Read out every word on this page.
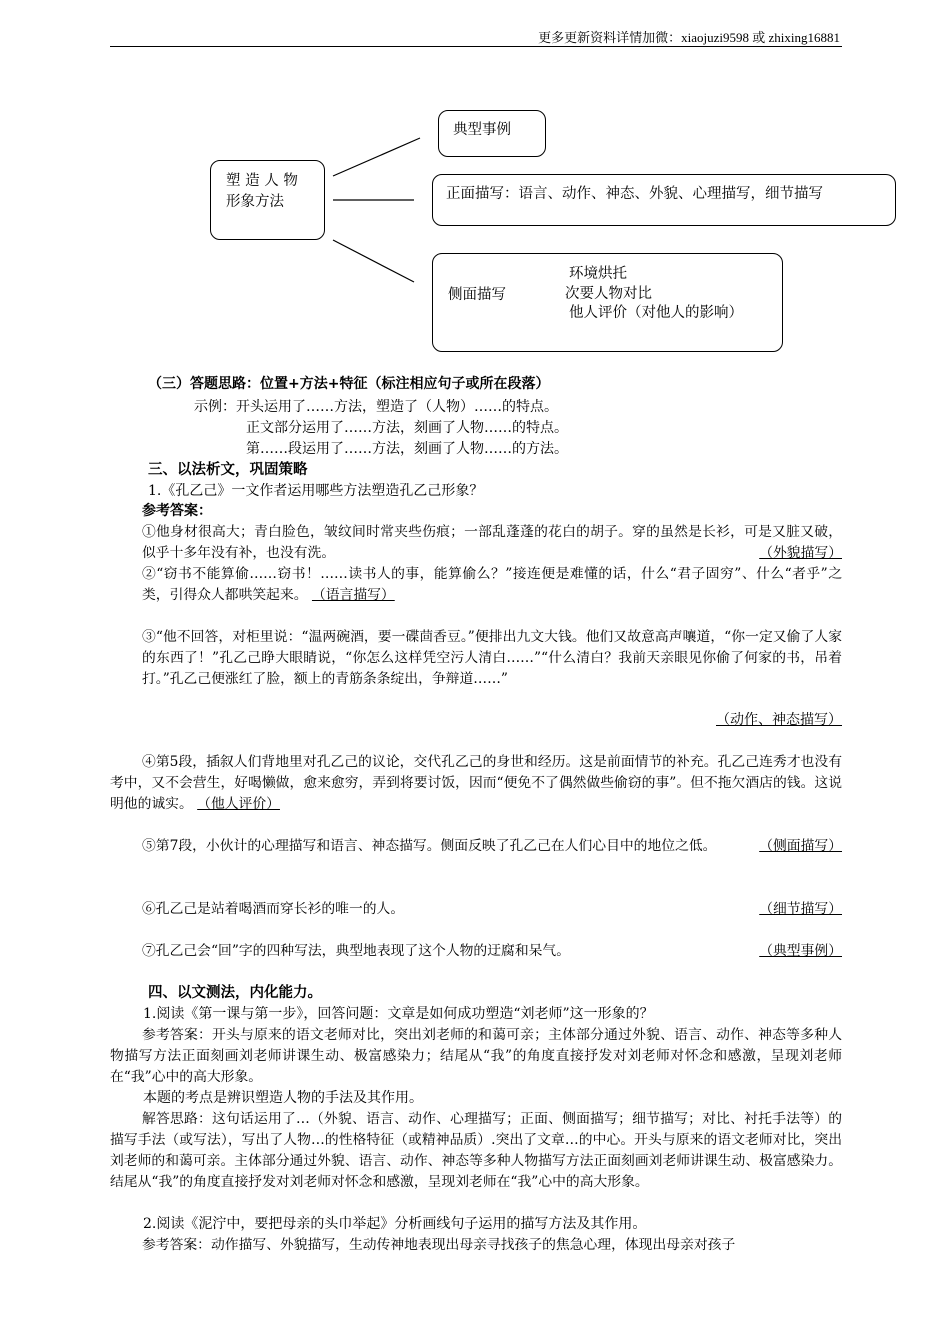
更多更新资料详情加微：xiaojuzi9598 或 zhixing16881
塑 造 人 物
形象方法
典型事例
正面描写：语言、动作、神态、外貌、心理描写，细节描写
侧面描写
环境烘托
次要人物对比
他人评价（对他人的影响）
（三）答题思路：位置+方法+特征（标注相应句子或所在段落）
示例：开头运用了……方法，塑造了（人物）……的特点。
正文部分运用了……方法，刻画了人物……的特点。
第……段运用了……方法，刻画了人物……的方法。
三、以法析文，巩固策略
1.《孔乙己》一文作者运用哪些方法塑造孔乙己形象？
参考答案：
①他身材很高大；青白脸色，皱纹间时常夹些伤痕；一部乱蓬蓬的花白的胡子。穿的虽然是长衫，可是又脏又破，似乎十多年没有补，也没有洗。	（外貌描写）
②“窃书不能算偷……窃书！……读书人的事，能算偷么？”接连便是难懂的话，什么“君子固穷”、什么“者乎”之类，引得众人都哄笑起来。 （语言描写）
③“他不回答，对柜里说：“温两碗酒，要一碟茴香豆。”便排出九文大钱。他们又故意高声嚷道，“你一定又偷了人家的东西了！”孔乙己睁大眼睛说，“你怎么这样凭空污人清白……”“什么清白？我前天亲眼见你偷了何家的书，吊着打。”孔乙己便涨红了脸，额上的青筋条条绽出，争辩道……”
（动作、神态描写）
④第5段，插叙人们背地里对孔乙己的议论，交代孔乙己的身世和经历。这是前面情节的补充。孔乙己连秀才也没有考中，又不会营生，好喝懒做，愈来愈穷，弄到将要讨饭，因而“便免不了偶然做些偷窃的事”。但不拖欠酒店的钱。这说明他的诚实。 （他人评价）
⑤第7段，小伙计的心理描写和语言、神态描写。侧面反映了孔乙己在人们心目中的地位之低。	（侧面描写）
⑥孔乙己是站着喝酒而穿长衫的唯一的人。	（细节描写）
⑦孔乙己会“回”字的四种写法，典型地表现了这个人物的迂腐和呆气。	（典型事例）
四、以文测法，内化能力。
1.阅读《第一课与第一步》，回答问题：文章是如何成功塑造“刘老师”这一形象的？
参考答案：开头与原来的语文老师对比，突出刘老师的和蔼可亲；主体部分通过外貌、语言、动作、神态等多种人物描写方法正面刻画刘老师讲课生动、极富感染力；结尾从“我”的角度直接抒发对刘老师对怀念和感激，呈现刘老师在“我”心中的高大形象。
本题的考点是辨识塑造人物的手法及其作用。
解答思路：这句话运用了…（外貌、语言、动作、心理描写；正面、侧面描写；细节描写；对比、衬托手法等）的描写手法（或写法），写出了人物…的性格特征（或精神品质）.突出了文章…的中心。开头与原来的语文老师对比，突出刘老师的和蔼可亲。主体部分通过外貌、语言、动作、神态等多种人物描写方法正面刻画刘老师讲课生动、极富感染力。结尾从“我”的角度直接抒发对刘老师对怀念和感激，呈现刘老师在“我”心中的高大形象。
2.阅读《泥泞中，要把母亲的头巾举起》分析画线句子运用的描写方法及其作用。
参考答案：动作描写、外貌描写，生动传神地表现出母亲寻找孩子的焦急心理，体现出母亲对孩子
